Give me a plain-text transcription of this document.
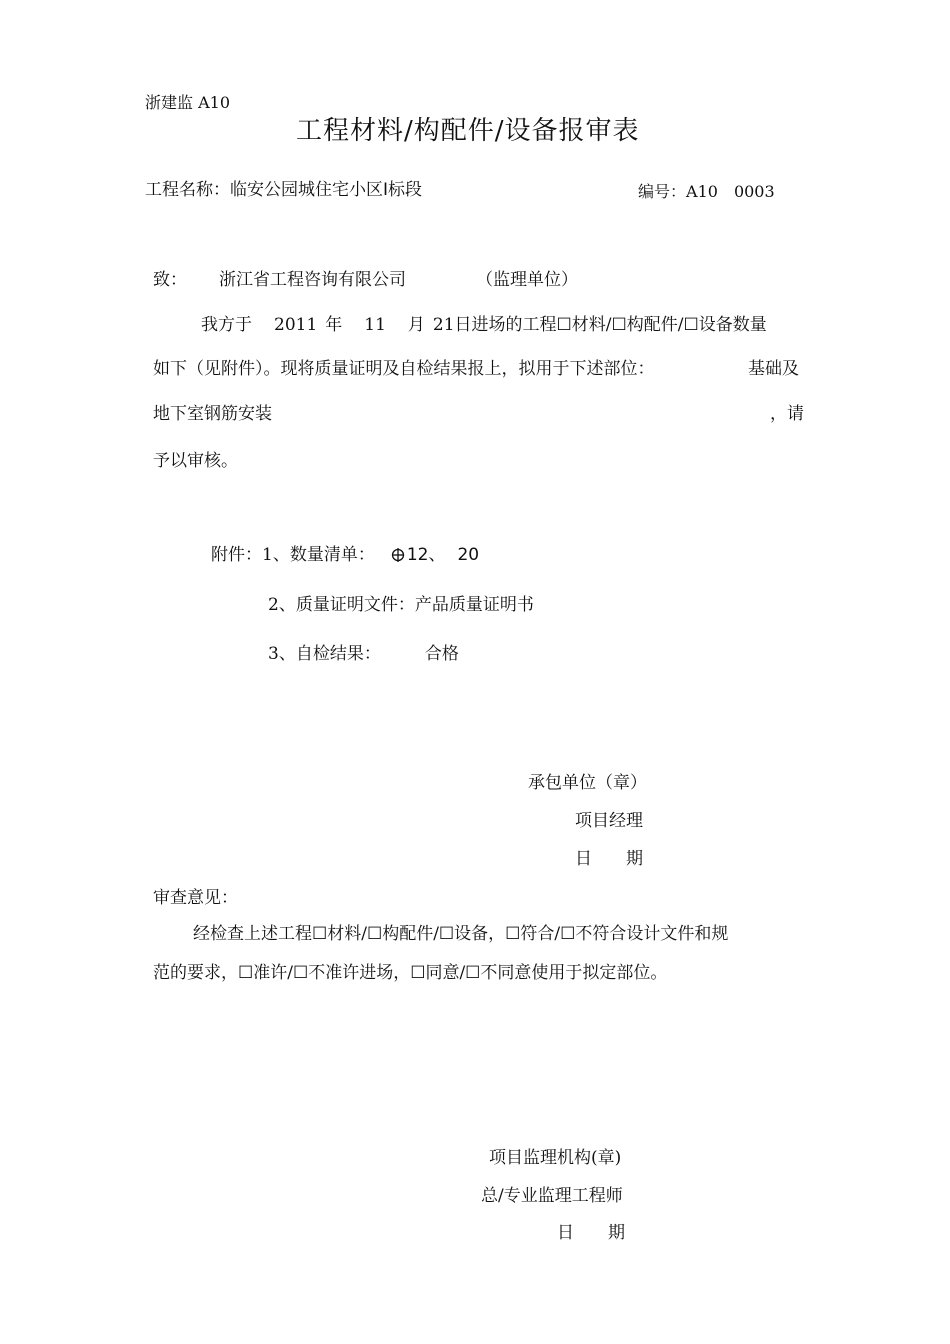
浙建监 A10
工程材料/构配件/设备报审表
工程名称： 临安公园城住宅小区Ⅰ标段	编号： A10 0003
致： 浙江省工程咨询有限公司	（监理单位）
我方于 2011 年 11 月 21 日进场的工程☐材料/☐构配件/☐设备数量
如下（见附件）。现将质量证明及自检结果报上，拟用于下述部位：	基础及
地下室钢筋安装	，请
予以审核。
附件： 1、数量清单： 12、 20
2、质量证明文件： 产品质量证明书
3、自检结果：	合格
承包单位（章）
项目经理
日　　期
审查意见：
经检查上述工程☐材料/☐构配件/☐设备，☐符合/☐不符合设计文件和规
范的要求，☐准许/☐不准许进场，☐同意/☐不同意使用于拟定部位。
项目监理机构(章)
总/专业监理工程师
日　　期
